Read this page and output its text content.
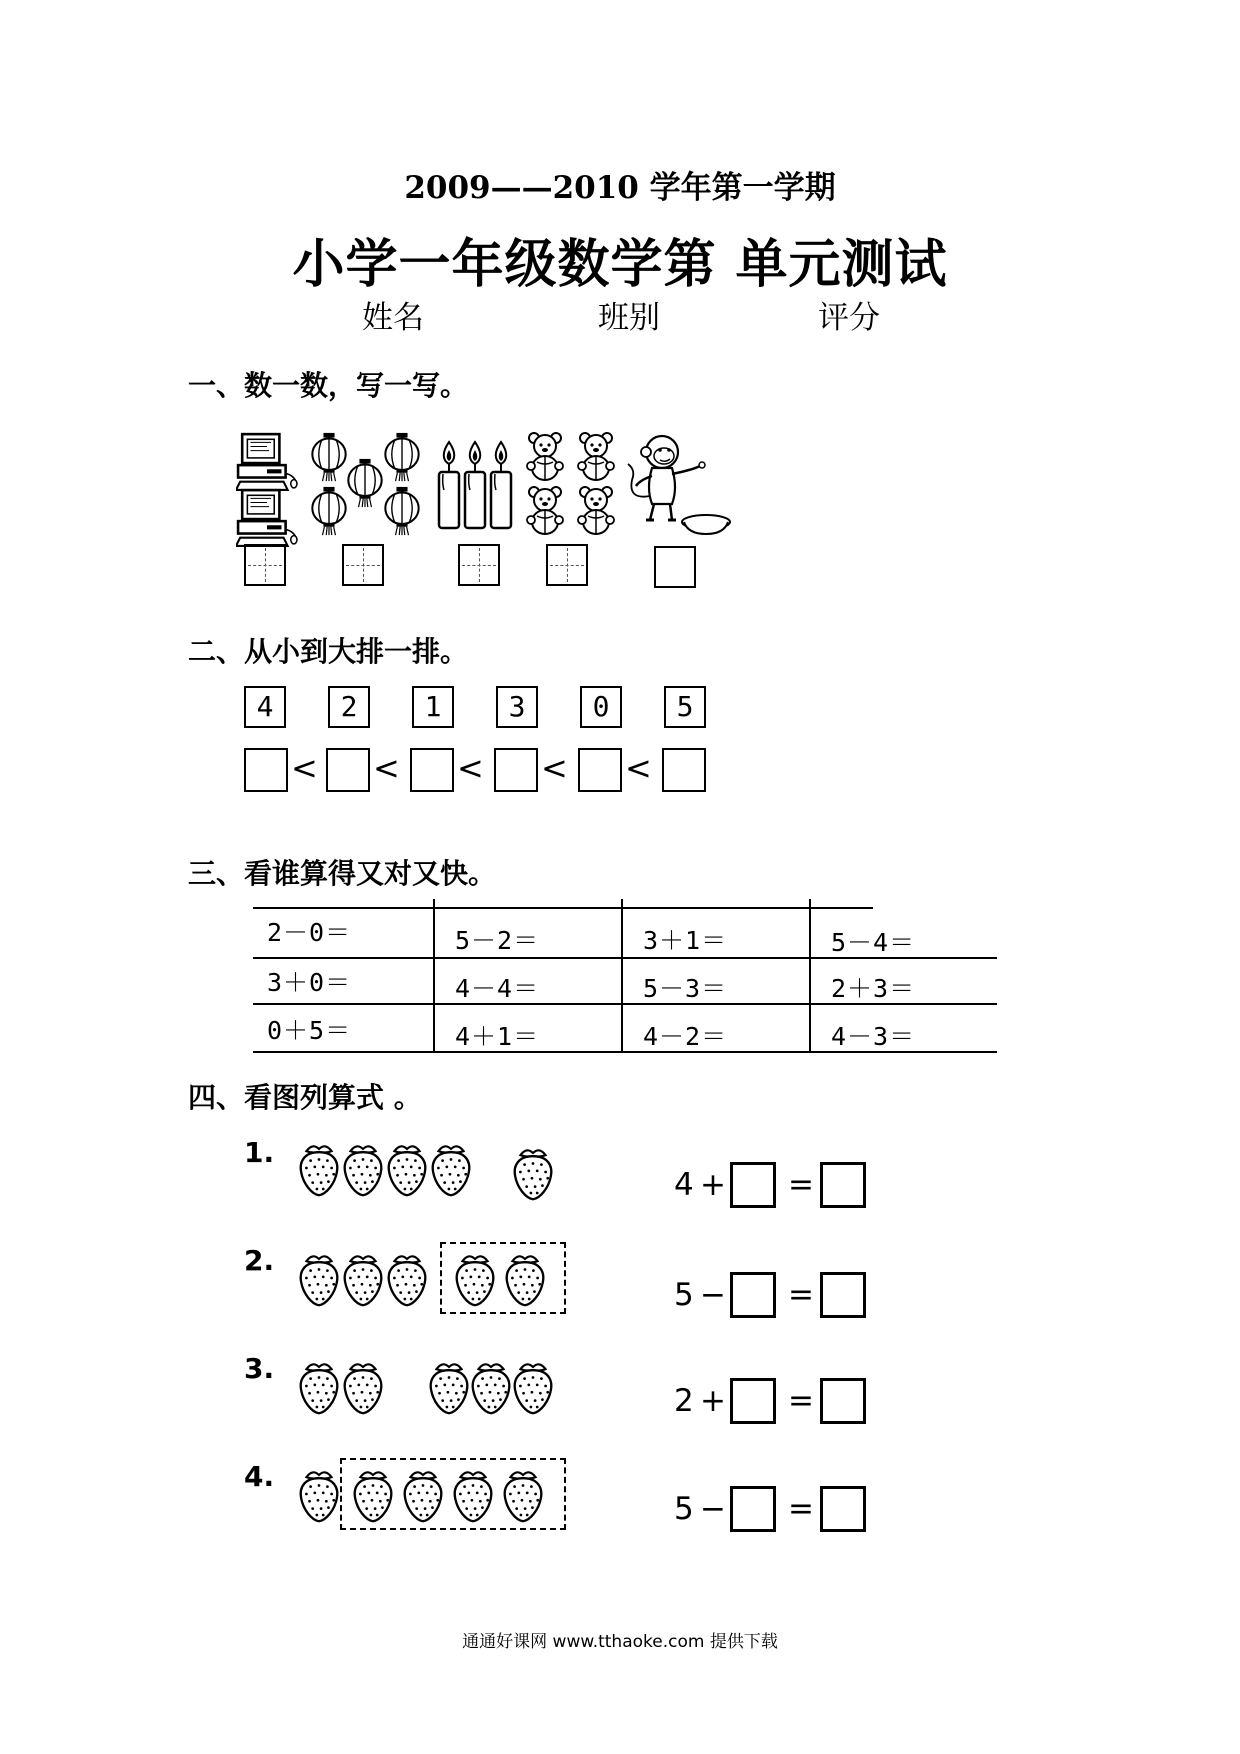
2009——2010 学年第一学期
小学一年级数学第 单元测试
姓名	班别	评分
一、数一数，写一写。
二、从小到大排一排。
4	2	1	3	0	5
< < < < <
三、看谁算得又对又快。
2－0＝	5－2＝	3＋1＝	5－4＝
3＋0＝	4－4＝	5－3＝	2＋3＝
0＋5＝	4＋1＝	4－2＝	4－3＝
四、看图列算式 。
1.
4 + =
2.
5 − =
3.
2 + =
4.
5 − =
通通好课网 www.tthaoke.com 提供下载
